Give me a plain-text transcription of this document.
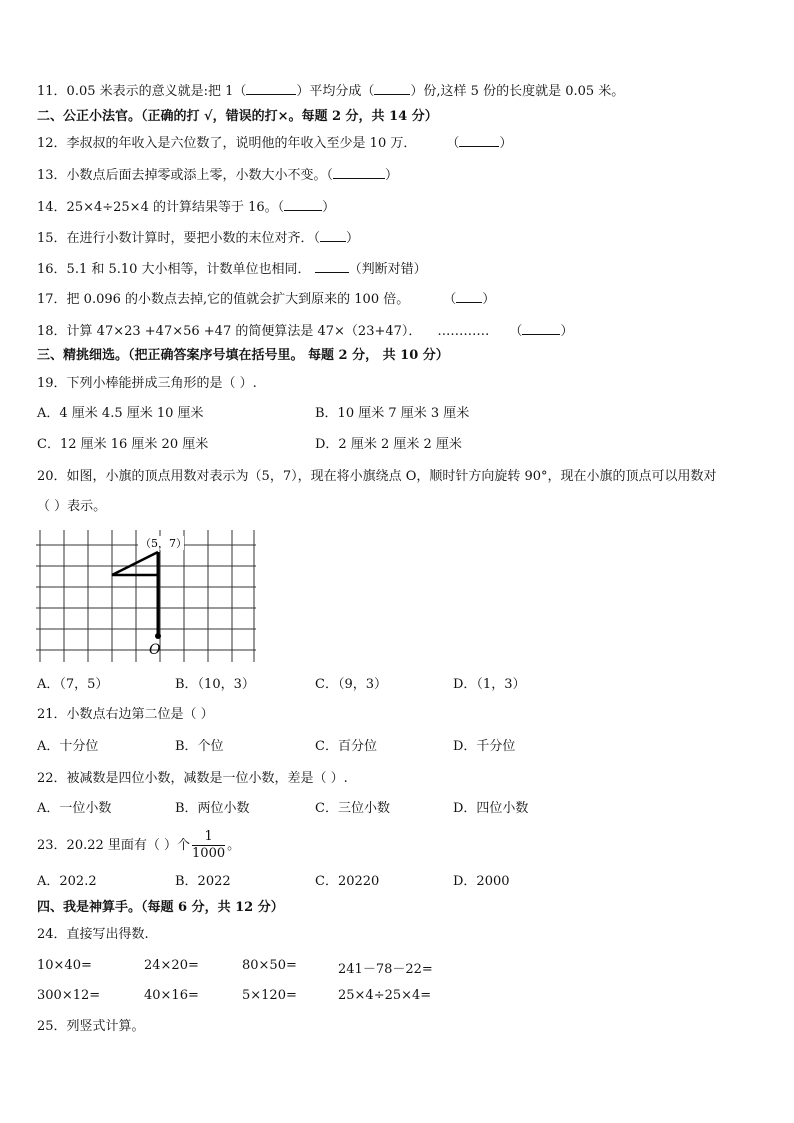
11．0.05 米表示的意义就是:把 1（	）平均分成（	）份,这样 5 份的长度就是 0.05 米。
二、公正小法官。（正确的打 √，错误的打×。每题 2 分，共 14 分）
12．李叔叔的年收入是六位数了，说明他的年收入至少是 10 万． （	）
13．小数点后面去掉零或添上零，小数大小不变。（	）
14．25×4÷25×4 的计算结果等于 16。（	）
15．在进行小数计算时，要把小数的末位对齐．（ ）
16．5.1 和 5.10 大小相等，计数单位也相同．	（判断对错）
17．把 0.096 的小数点去掉,它的值就会扩大到原来的 100 倍。	（ ）
18．计算 47×23 +47×56 +47 的简便算法是 47×（23+47）． ………… （	）
三、精挑细选。（把正确答案序号填在括号里。 每题 2 分， 共 10 分）
19．下列小棒能拼成三角形的是（ ）.
A．4 厘米 4.5 厘米 10 厘米	B．10 厘米 7 厘米 3 厘米
C．12 厘米 16 厘米 20 厘米	D．2 厘米 2 厘米 2 厘米
20．如图，小旗的顶点用数对表示为（5，7），现在将小旗绕点 O，顺时针方向旋转 90°，现在小旗的顶点可以用数对
（ ）表示。
（5，7）
O
A．（7，5）	B．（10，3）	C．（9，3）	D．（1，3）
21．小数点右边第二位是（ ）
A．十分位	B．个位	C．百分位	D．千分位
22．被减数是四位小数，减数是一位小数，差是（ ）.
A．一位小数	B．两位小数	C．三位小数	D．四位小数
23．20.22 里面有（ ）个 $\frac{1}{1000}$ 。
A．202.2	B．2022	C．20220	D．2000
四、我是神算手。（每题 6 分，共 12 分）
24．直接写出得数.
10×40=	24×20=	80×50=	241－78－22=
300×12=	40×16=	5×120=	25×4÷25×4=
25．列竖式计算。
